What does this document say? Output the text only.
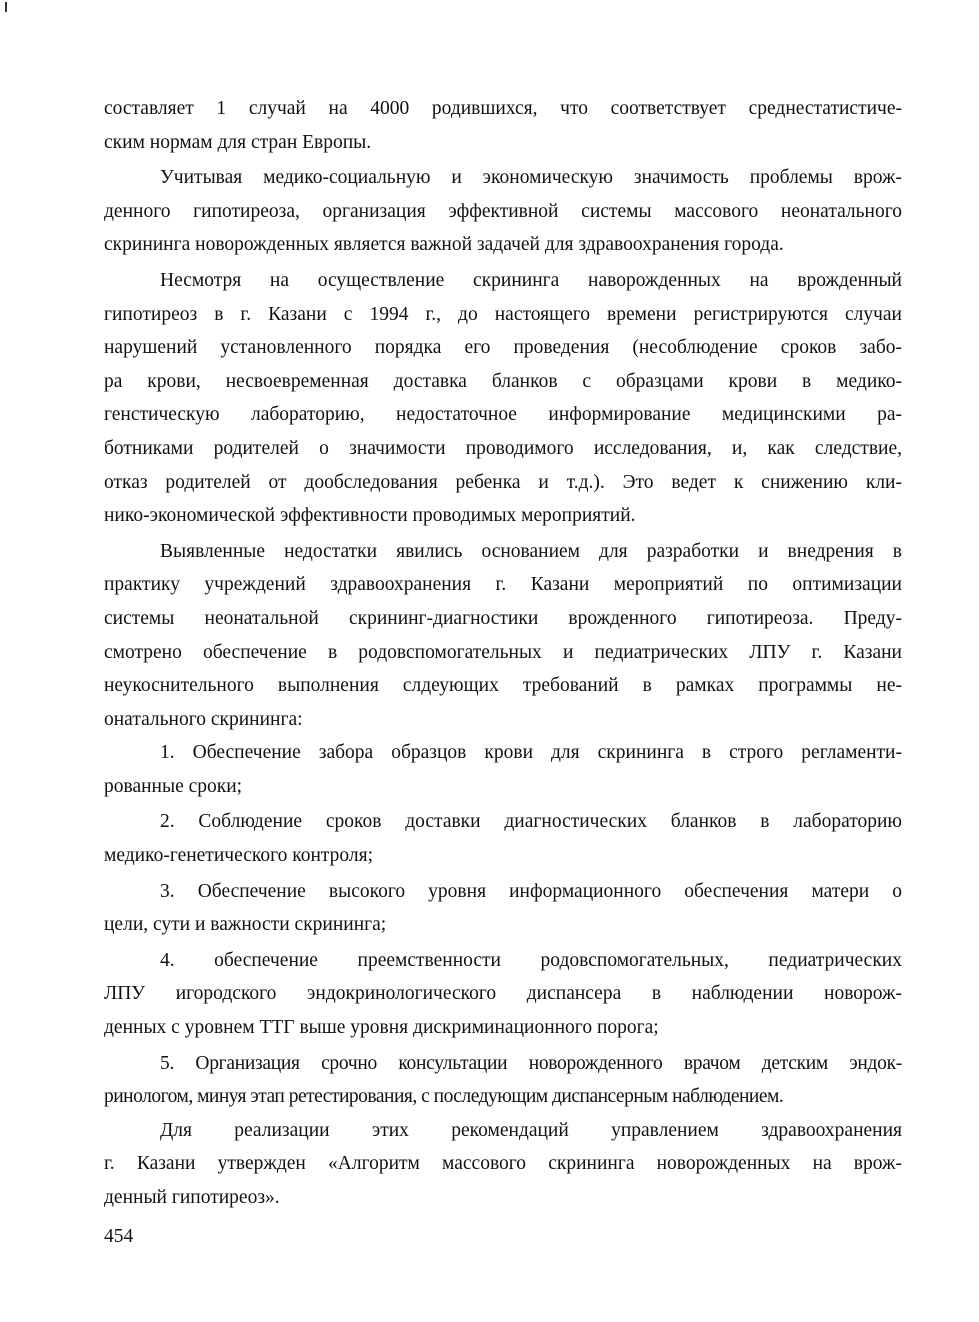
составляет 1 случай на 4000 родившихся, что соответствует среднестатистиче-
ским нормам для стран Европы.
Учитывая медико-социальную и экономическую значимость проблемы врож-
денного гипотиреоза, организация эффективной системы массового неонатального
скрининга новорожденных является важной задачей для здравоохранения города.
Несмотря на осуществление скрининга наворожденных на врожденный
гипотиреоз в г. Казани с 1994 г., до настоящего времени регистрируются случаи
нарушений установленного порядка его проведения (несоблюдение сроков забо-
ра крови, несвоевременная доставка бланков с образцами крови в медико-
генстическую лабораторию, недостаточное информирование медицинскими ра-
ботниками родителей о значимости проводимого исследования, и, как следствие,
отказ родителей от дообследования ребенка и т.д.). Это ведет к снижению кли-
нико-экономической эффективности проводимых мероприятий.
Выявленные недостатки явились основанием для разработки и внедрения в
практику учреждений здравоохранения г. Казани мероприятий по оптимизации
системы неонатальной скрининг-диагностики врожденного гипотиреоза. Преду-
смотрено обеспечение в родовспомогательных и педиатрических ЛПУ г. Казани
неукоснительного выполнения слдеующих требований в рамках программы не-
онатального скрининга:
1. Обеспечение забора образцов крови для скрининга в строго регламенти-
рованные сроки;
2. Соблюдение сроков доставки диагностических бланков в лабораторию
медико-генетического контроля;
3. Обеспечение высокого уровня информационного обеспечения матери о
цели, сути и важности скрининга;
4. обеспечение преемственности родовспомогательных, педиатрических
ЛПУ игородского эндокринологического диспансера в наблюдении новорож-
денных с уровнем ТТГ выше уровня дискриминационного порога;
5. Организация срочно консультации новорожденного врачом детским эндок-
ринологом, минуя этап ретестирования, с последующим диспансерным наблюдением.
Для реализации этих рекомендаций управлением здравоохранения
г. Казани утвержден «Алгоритм массового скрининга новорожденных на врож-
денный гипотиреоз».
454
